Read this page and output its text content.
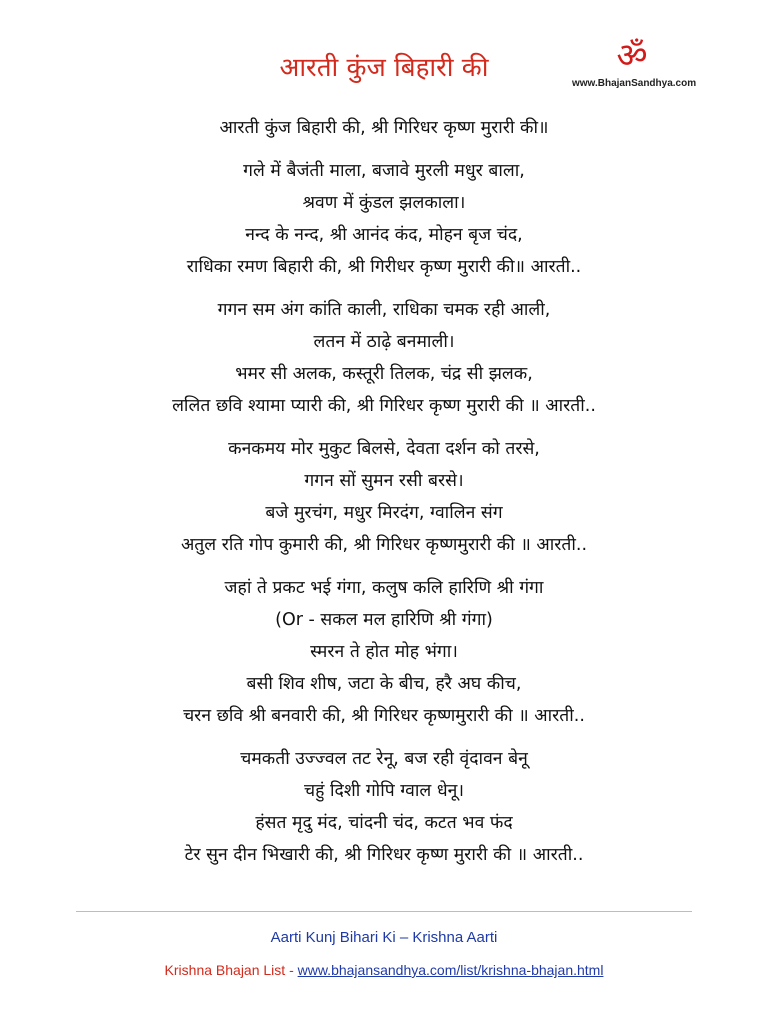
आरती कुंज बिहारी की	ॐ
www.BhajanSandhya.com
आरती कुंज बिहारी की, श्री गिरिधर कृष्ण मुरारी की॥
गले में बैजंती माला, बजावे मुरली मधुर बाला,
श्रवण में कुंडल झलकाला।
नन्द के नन्द, श्री आनंद कंद, मोहन बृज चंद,
राधिका रमण बिहारी की, श्री गिरीधर कृष्ण मुरारी की॥ आरती..
गगन सम अंग कांति काली, राधिका चमक रही आली,
लतन में ठाढ़े बनमाली।
भमर सी अलक, कस्तूरी तिलक, चंद्र सी झलक,
ललित छवि श्यामा प्यारी की, श्री गिरिधर कृष्ण मुरारी की ॥ आरती..
कनकमय मोर मुकुट बिलसे, देवता दर्शन को तरसे,
गगन सों सुमन रसी बरसे।
बजे मुरचंग, मधुर मिरदंग, ग्वालिन संग
अतुल रति गोप कुमारी की, श्री गिरिधर कृष्णमुरारी की ॥ आरती..
जहां ते प्रकट भई गंगा, कलुष कलि हारिणि श्री गंगा
(Or - सकल मल हारिणि श्री गंगा)
स्मरन ते होत मोह भंगा।
बसी शिव शीष, जटा के बीच, हरै अघ कीच,
चरन छवि श्री बनवारी की, श्री गिरिधर कृष्णमुरारी की ॥ आरती..
चमकती उज्ज्वल तट रेनू, बज रही वृंदावन बेनू
चहुं दिशी गोपि ग्वाल धेनू।
हंसत मृदु मंद, चांदनी चंद, कटत भव फंद
टेर सुन दीन भिखारी की, श्री गिरिधर कृष्ण मुरारी की ॥ आरती..
Aarti Kunj Bihari Ki – Krishna Aarti
Krishna Bhajan List - www.bhajansandhya.com/list/krishna-bhajan.html
